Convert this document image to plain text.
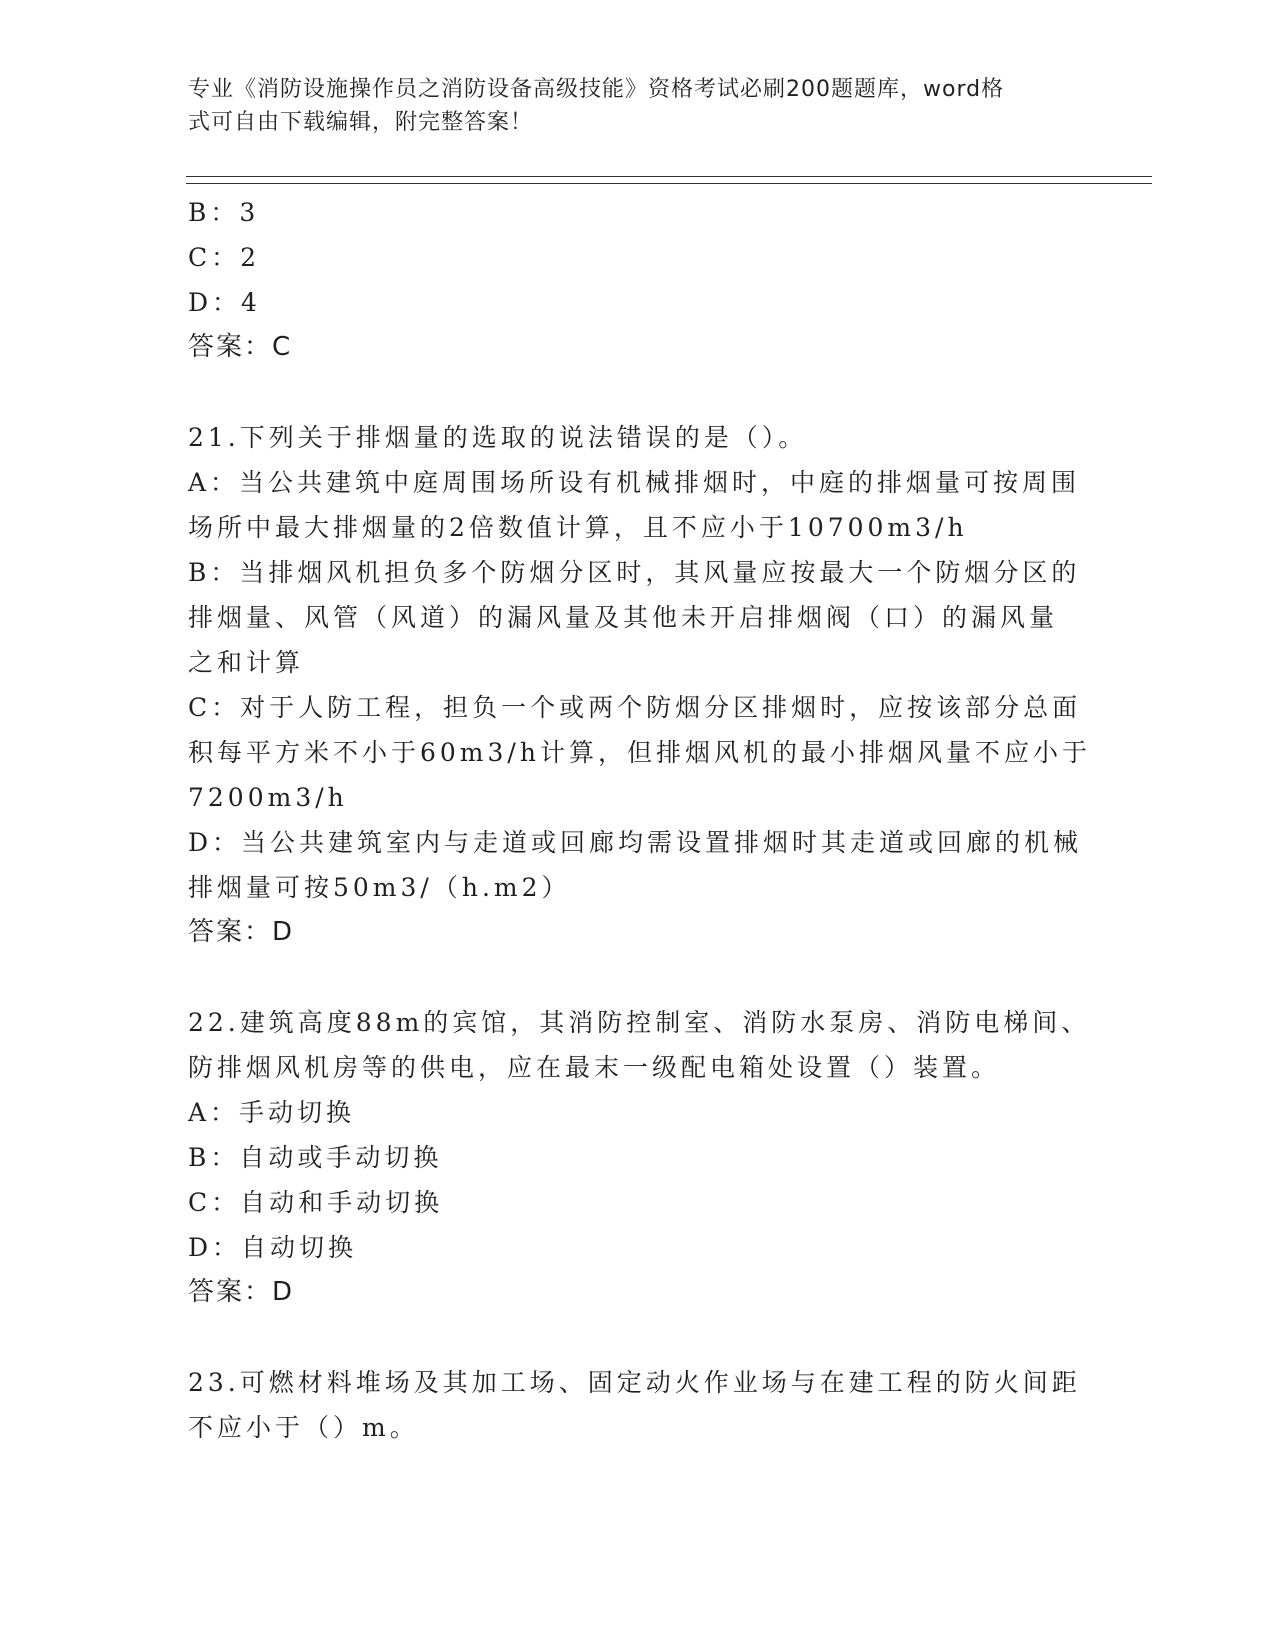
专业《消防设施操作员之消防设备高级技能》资格考试必刷200题题库，word格
式可自由下载编辑，附完整答案！

B：3

C：2

D：4

答案：C

21.下列关于排烟量的选取的说法错误的是（）。

A：当公共建筑中庭周围场所设有机械排烟时，中庭的排烟量可按周围

场所中最大排烟量的2倍数值计算，且不应小于10700m3/h

B：当排烟风机担负多个防烟分区时，其风量应按最大一个防烟分区的

排烟量、风管（风道）的漏风量及其他未开启排烟阀（口）的漏风量

之和计算

C：对于人防工程，担负一个或两个防烟分区排烟时，应按该部分总面

积每平方米不小于60m3/h计算，但排烟风机的最小排烟风量不应小于

7200m3/h

D：当公共建筑室内与走道或回廊均需设置排烟时其走道或回廊的机械

排烟量可按50m3/（h.m2）

答案：D

22.建筑高度88m的宾馆，其消防控制室、消防水泵房、消防电梯间、

防排烟风机房等的供电，应在最末一级配电箱处设置（）装置。

A：手动切换

B：自动或手动切换

C：自动和手动切换

D：自动切换

答案：D

23.可燃材料堆场及其加工场、固定动火作业场与在建工程的防火间距

不应小于（）m。
